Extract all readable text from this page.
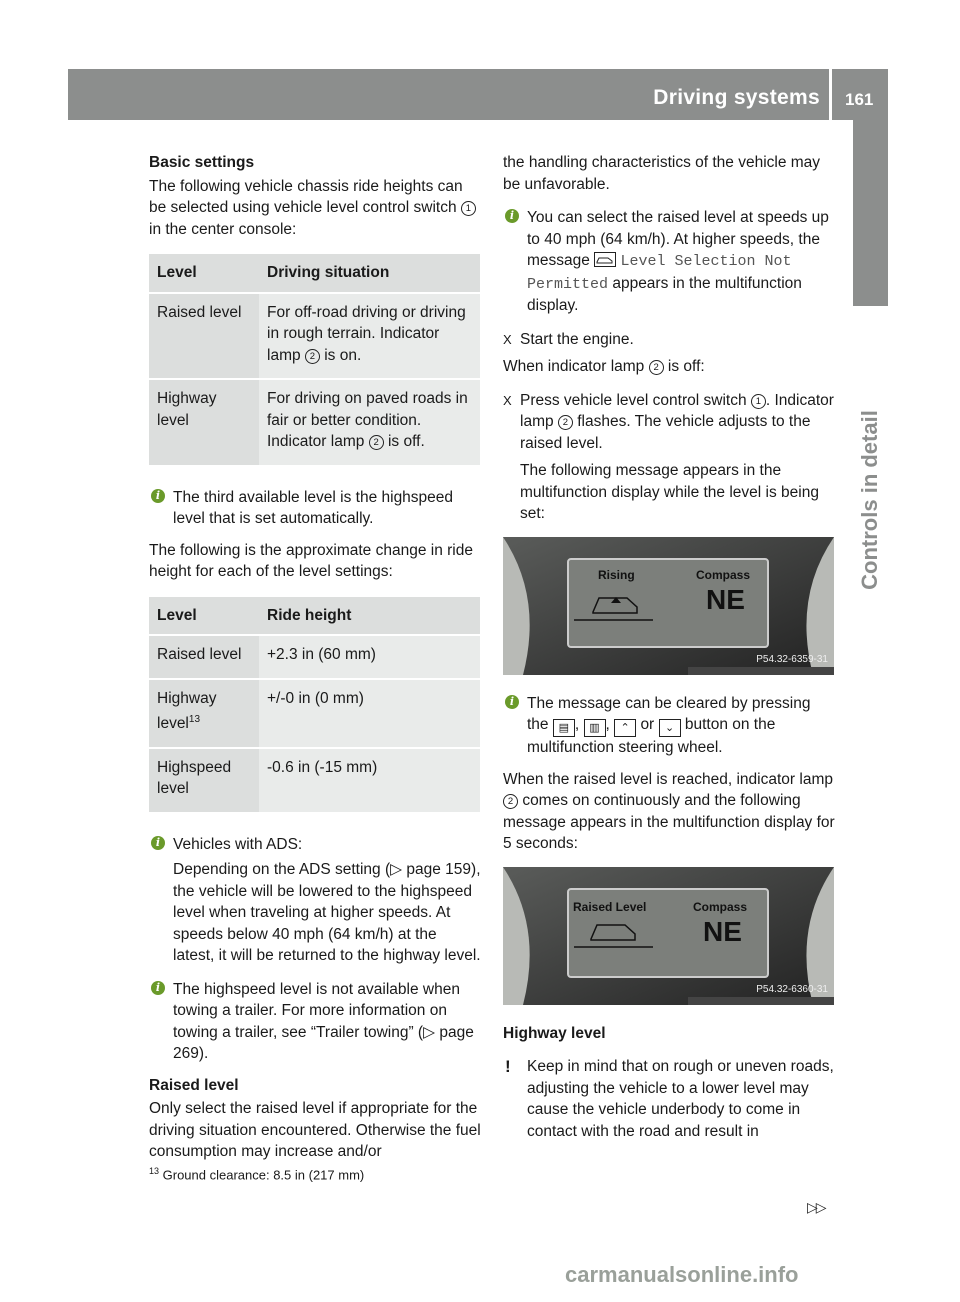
Driving systems 161
Controls in detail

Basic settings

The following vehicle chassis ride heights can be selected using vehicle level control switch 1 in the center console:

Level	Driving situation
Raised level	For off-road driving or driving in rough terrain. Indicator lamp 2 is on.
Highway level	For driving on paved roads in fair or better condition. Indicator lamp 2 is off.
i The third available level is the highspeed level that is set automatically.

The following is the approximate change in ride height for each of the level settings:

Level	Ride height
Raised level	+2.3 in (60 mm)
Highway level$^{13}$	+/-0 in (0 mm)
Highspeed level	-0.6 in (-15 mm)
i Vehicles with ADS:
Depending on the ADS setting (▷ page 159), the vehicle will be lowered to the highspeed level when traveling at higher speeds. At speeds below 40 mph (64 km/h) at the latest, it will be returned to the highway level.
i The highspeed level is not available when towing a trailer. For more information on towing a trailer, see “Trailer towing” (▷ page 269).

Raised level

Only select the raised level if appropriate for the driving situation encountered. Otherwise the fuel consumption may increase and/or

the handling characteristics of the vehicle may be unfavorable.

i You can select the raised level at speeds up to 40 mph (64 km/h). At higher speeds, the message Level Selection Not Permitted appears in the multifunction display.
X Start the engine.

When indicator lamp 2 is off:

X Press vehicle level control switch 1 . Indicator lamp 2 flashes. The vehicle adjusts to the raised level.
The following message appears in the multifunction display while the level is being set:
Rising	Compass
NE
P54.32-6359-31
i The message can be cleared by pressing the ▤ , ▥ , ⌃ or ⌄ button on the multifunction steering wheel.

When the raised level is reached, indicator lamp 2 comes on continuously and the following message appears in the multifunction display for 5 seconds:

Raised Level	Compass
NE
P54.32-6360-31

Highway level

! Keep in mind that on rough or uneven roads, adjusting the vehicle to a lower level may cause the vehicle underbody to come in contact with the road and result in
$^{13}$ Ground clearance: 8.5 in (217 mm)
▷▷
carmanualsonline.info
